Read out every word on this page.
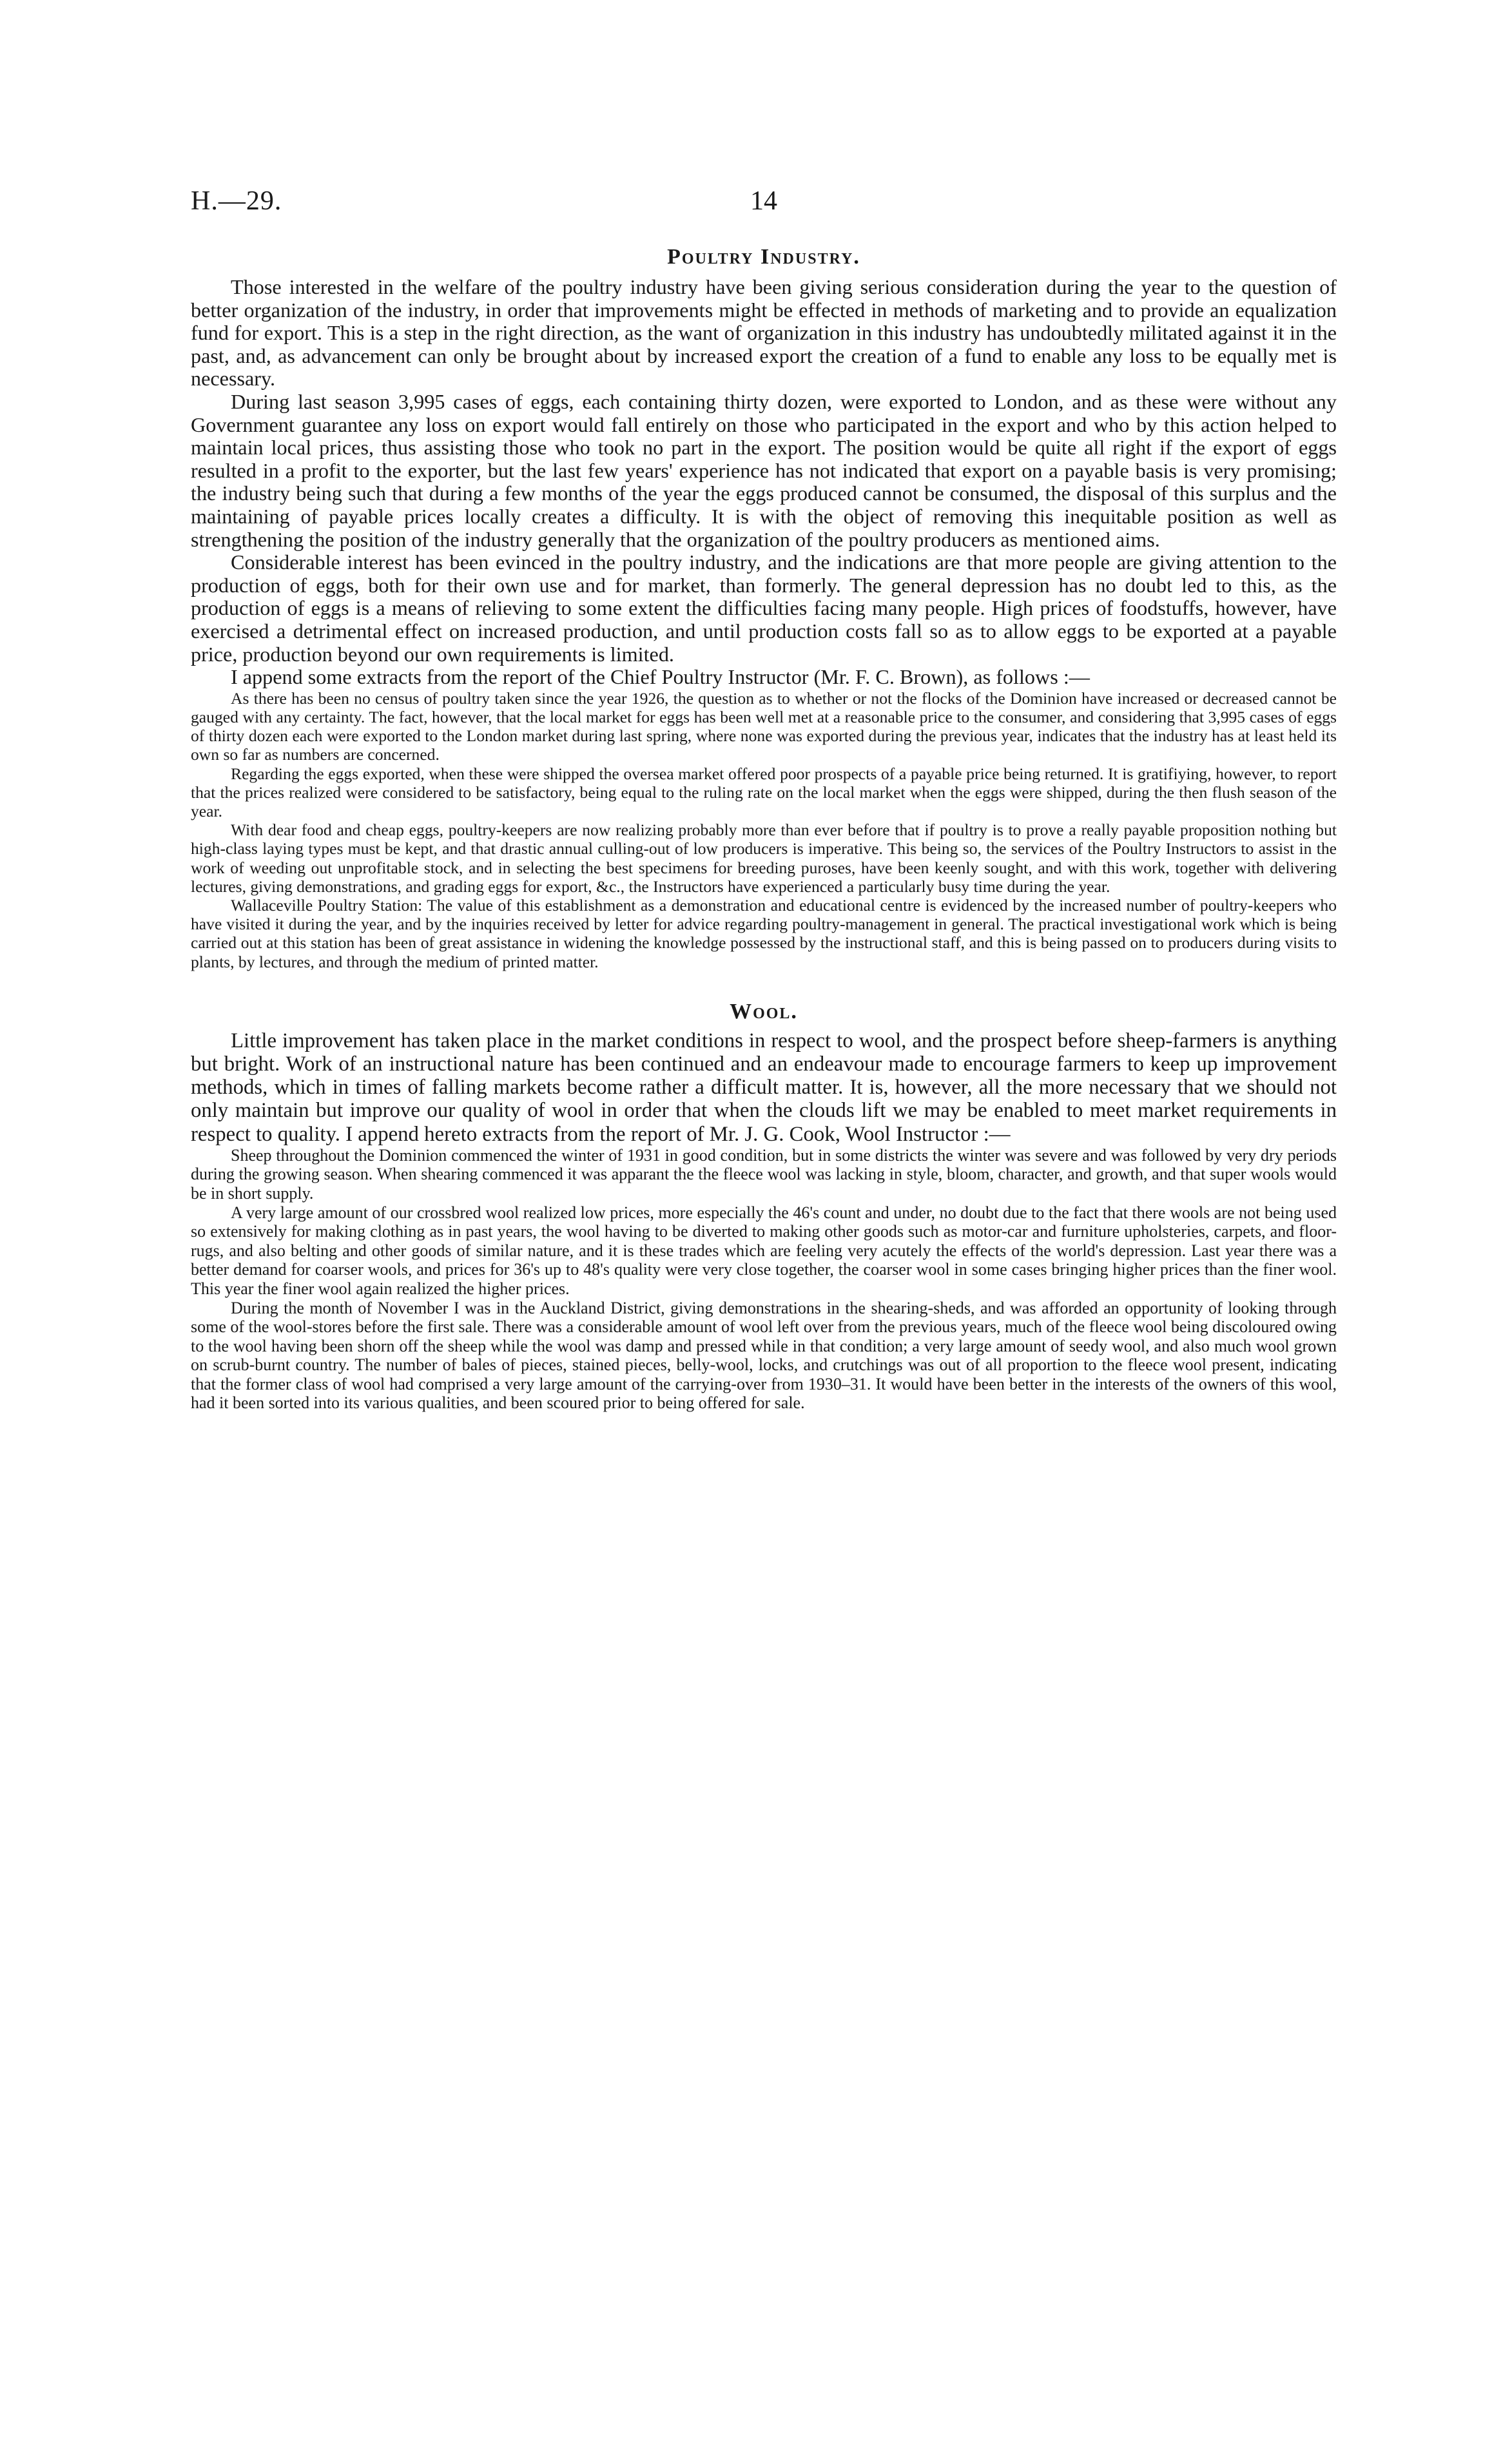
14
H.—29.
Poultry Industry.

Those interested in the welfare of the poultry industry have been giving serious consideration during the year to the question of better organization of the industry, in order that improvements might be effected in methods of marketing and to provide an equalization fund for export. This is a step in the right direction, as the want of organization in this industry has undoubtedly militated against it in the past, and, as advancement can only be brought about by increased export the creation of a fund to enable any loss to be equally met is necessary.

During last season 3,995 cases of eggs, each containing thirty dozen, were exported to London, and as these were without any Government guarantee any loss on export would fall entirely on those who participated in the export and who by this action helped to maintain local prices, thus assisting those who took no part in the export. The position would be quite all right if the export of eggs resulted in a profit to the exporter, but the last few years' experience has not indicated that export on a payable basis is very promising; the industry being such that during a few months of the year the eggs produced cannot be consumed, the disposal of this surplus and the maintaining of payable prices locally creates a difficulty. It is with the object of removing this inequitable position as well as strengthening the position of the industry generally that the organization of the poultry producers as mentioned aims.

Considerable interest has been evinced in the poultry industry, and the indications are that more people are giving attention to the production of eggs, both for their own use and for market, than formerly. The general depression has no doubt led to this, as the production of eggs is a means of relieving to some extent the difficulties facing many people. High prices of foodstuffs, however, have exercised a detrimental effect on increased production, and until production costs fall so as to allow eggs to be exported at a payable price, production beyond our own requirements is limited.

I append some extracts from the report of the Chief Poultry Instructor (Mr. F. C. Brown), as follows :—

As there has been no census of poultry taken since the year 1926, the question as to whether or not the flocks of the Dominion have increased or decreased cannot be gauged with any certainty. The fact, however, that the local market for eggs has been well met at a reasonable price to the consumer, and considering that 3,995 cases of eggs of thirty dozen each were exported to the London market during last spring, where none was exported during the previous year, indicates that the industry has at least held its own so far as numbers are concerned.

Regarding the eggs exported, when these were shipped the oversea market offered poor prospects of a payable price being returned. It is gratifiying, however, to report that the prices realized were considered to be satisfactory, being equal to the ruling rate on the local market when the eggs were shipped, during the then flush season of the year.

With dear food and cheap eggs, poultry-keepers are now realizing probably more than ever before that if poultry is to prove a really payable proposition nothing but high-class laying types must be kept, and that drastic annual culling-out of low producers is imperative. This being so, the services of the Poultry Instructors to assist in the work of weeding out unprofitable stock, and in selecting the best specimens for breeding puroses, have been keenly sought, and with this work, together with delivering lectures, giving demonstrations, and grading eggs for export, &c., the Instructors have experienced a particularly busy time during the year.

Wallaceville Poultry Station: The value of this establishment as a demonstration and educational centre is evidenced by the increased number of poultry-keepers who have visited it during the year, and by the inquiries received by letter for advice regarding poultry-management in general. The practical investigational work which is being carried out at this station has been of great assistance in widening the knowledge possessed by the instructional staff, and this is being passed on to producers during visits to plants, by lectures, and through the medium of printed matter.

Wool.

Little improvement has taken place in the market conditions in respect to wool, and the prospect before sheep-farmers is anything but bright. Work of an instructional nature has been continued and an endeavour made to encourage farmers to keep up improvement methods, which in times of falling markets become rather a difficult matter. It is, however, all the more necessary that we should not only maintain but improve our quality of wool in order that when the clouds lift we may be enabled to meet market requirements in respect to quality. I append hereto extracts from the report of Mr. J. G. Cook, Wool Instructor :—

Sheep throughout the Dominion commenced the winter of 1931 in good condition, but in some districts the winter was severe and was followed by very dry periods during the growing season. When shearing commenced it was apparant the the fleece wool was lacking in style, bloom, character, and growth, and that super wools would be in short supply.

A very large amount of our crossbred wool realized low prices, more especially the 46's count and under, no doubt due to the fact that there wools are not being used so extensively for making clothing as in past years, the wool having to be diverted to making other goods such as motor-car and furniture upholsteries, carpets, and floor-rugs, and also belting and other goods of similar nature, and it is these trades which are feeling very acutely the effects of the world's depression. Last year there was a better demand for coarser wools, and prices for 36's up to 48's quality were very close together, the coarser wool in some cases bringing higher prices than the finer wool. This year the finer wool again realized the higher prices.

During the month of November I was in the Auckland District, giving demonstrations in the shearing-sheds, and was afforded an opportunity of looking through some of the wool-stores before the first sale. There was a considerable amount of wool left over from the previous years, much of the fleece wool being discoloured owing to the wool having been shorn off the sheep while the wool was damp and pressed while in that condition; a very large amount of seedy wool, and also much wool grown on scrub-burnt country. The number of bales of pieces, stained pieces, belly-wool, locks, and crutchings was out of all proportion to the fleece wool present, indicating that the former class of wool had comprised a very large amount of the carrying-over from 1930–31. It would have been better in the interests of the owners of this wool, had it been sorted into its various qualities, and been scoured prior to being offered for sale.
